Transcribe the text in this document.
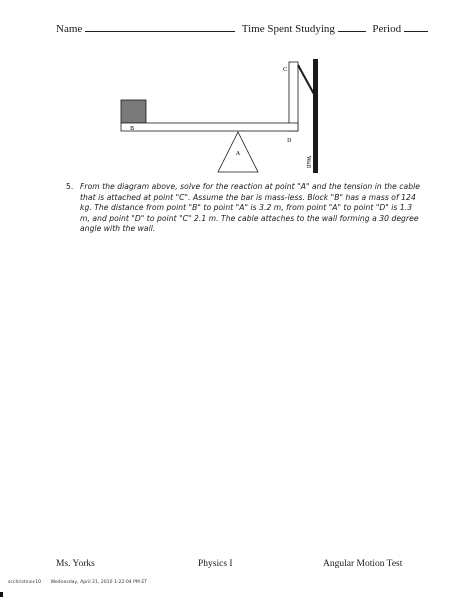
Name	Time Spent Studying	Period
B
A
C
D
Wall
5. From the diagram above, solve for the reaction at point "A" and the tension in the cable that is attached at point "C". Assume the bar is mass-less. Block "B" has a mass of 124 kg. The distance from point "B" to point "A" is 3.2 m, from point "A" to point "D" is 1.3 m, and point "D" to point "C" 2.1 m. The cable attaches to the wall forming a 30 degree angle with the wall.
Ms. Yorks	Physics I	Angular Motion Test
scchristinec10 Wednesday, April 21, 2010 1:22:04 PM ET
